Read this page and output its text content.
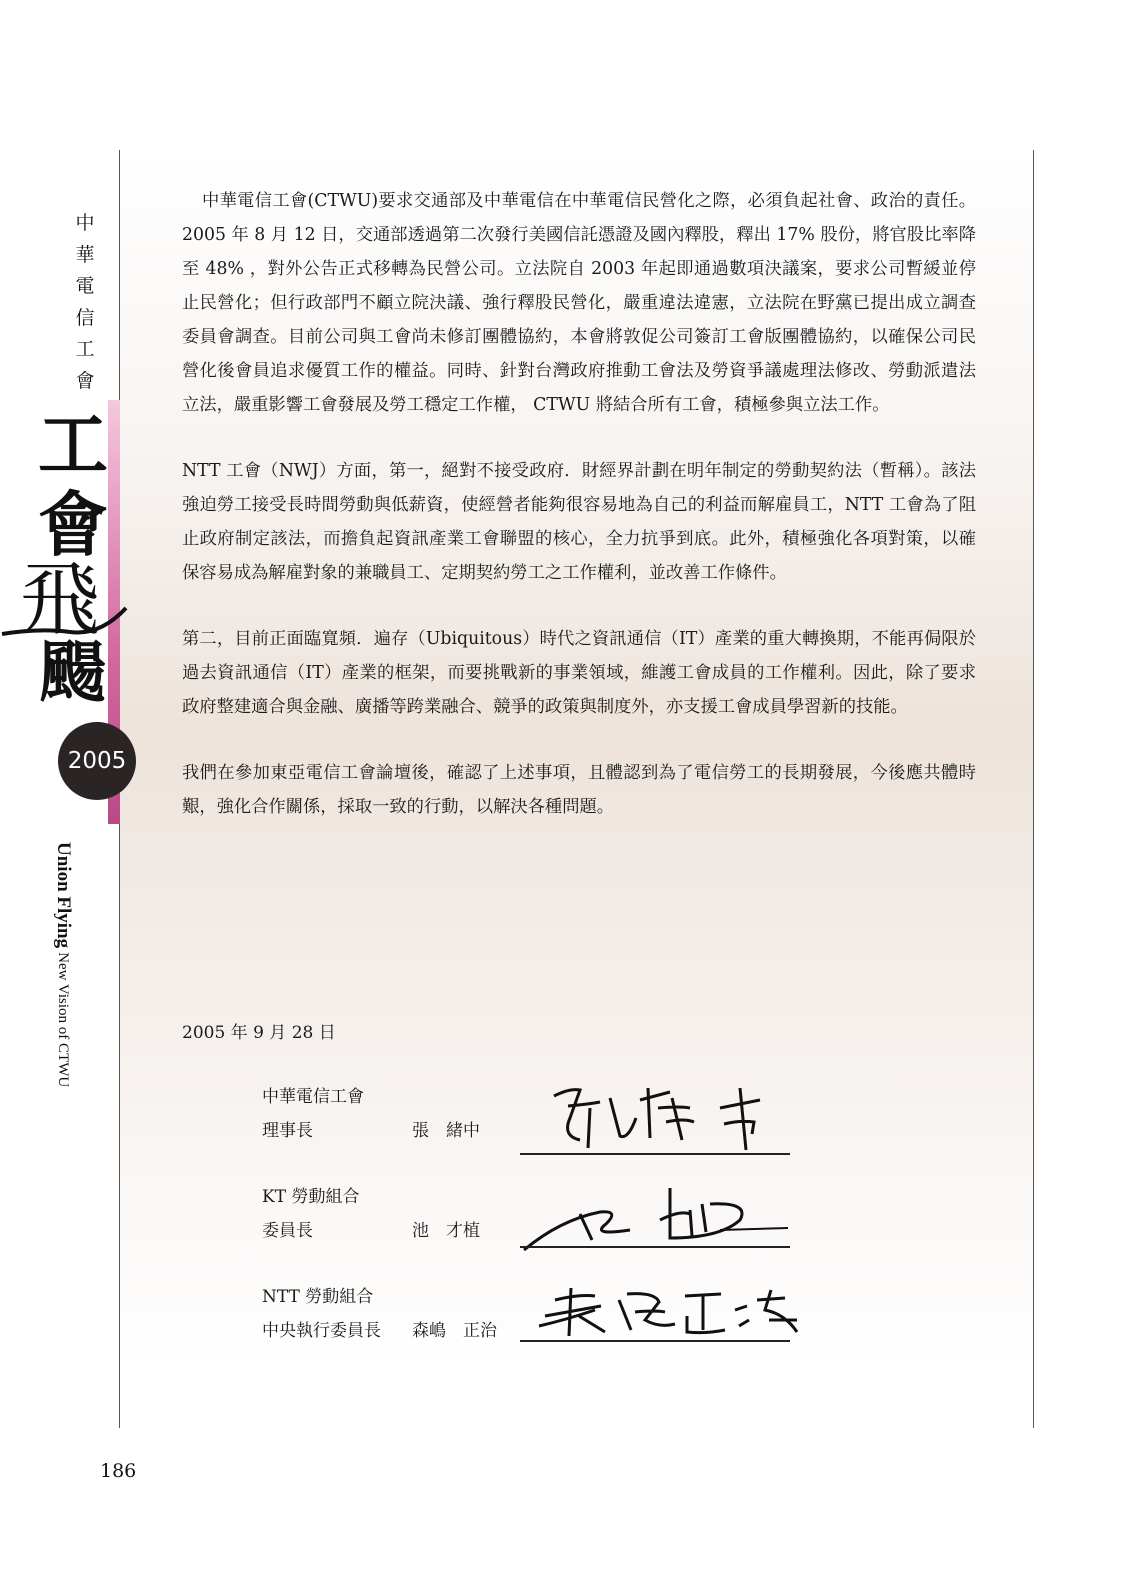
中
華
電
信
工
會
工
會
飛
颺
2005
Union Flying New Vision of CTWU

中華電信工會(CTWU)要求交通部及中華電信在中華電信民營化之際，必須負起社會、政治的責任。 2005 年 8 月 12 日，交通部透過第二次發行美國信託憑證及國內釋股，釋出 17% 股份，將官股比率降至 48% ，對外公告正式移轉為民營公司。立法院自 2003 年起即通過數項決議案，要求公司暫緩並停止民營化；但行政部門不顧立院決議、強行釋股民營化，嚴重違法違憲，立法院在野黨已提出成立調查委員會調查。目前公司與工會尚未修訂團體協約，本會將敦促公司簽訂工會版團體協約，以確保公司民營化後會員追求優質工作的權益。同時、針對台灣政府推動工會法及勞資爭議處理法修改、勞動派遣法立法，嚴重影響工會發展及勞工穩定工作權， CTWU 將結合所有工會，積極參與立法工作。

NTT 工會（NWJ）方面，第一，絕對不接受政府．財經界計劃在明年制定的勞動契約法（暫稱）。該法強迫勞工接受長時間勞動與低薪資，使經營者能夠很容易地為自己的利益而解雇員工，NTT 工會為了阻止政府制定該法，而擔負起資訊產業工會聯盟的核心，全力抗爭到底。此外，積極強化各項對策，以確保容易成為解雇對象的兼職員工、定期契約勞工之工作權利，並改善工作條件。

第二，目前正面臨寬頻．遍存（Ubiquitous）時代之資訊通信（IT）產業的重大轉換期，不能再侷限於過去資訊通信（IT）產業的框架，而要挑戰新的事業領域，維護工會成員的工作權利。因此，除了要求政府整建適合與金融、廣播等跨業融合、競爭的政策與制度外，亦支援工會成員學習新的技能。

我們在參加東亞電信工會論壇後，確認了上述事項，且體認到為了電信勞工的長期發展，今後應共體時艱，強化合作關係，採取一致的行動，以解決各種問題。

2005 年 9 月 28 日
中華電信工會
理事長	張　緒中
KT 勞動組合
委員長	池　才植
NTT 勞動組合
中央執行委員長	森嶋　正治
186
